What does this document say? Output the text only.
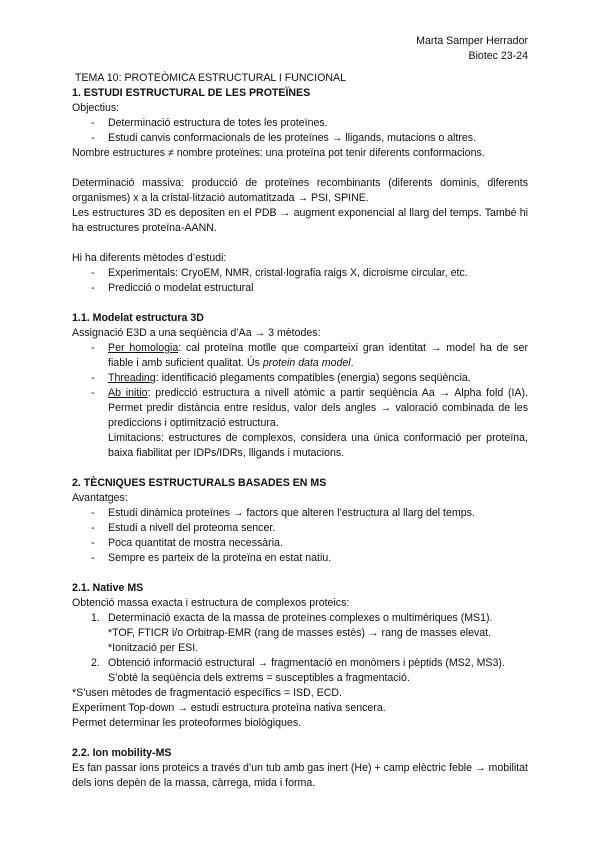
Marta Samper Herrador
Biotec 23-24

TEMA 10: PROTEÒMICA ESTRUCTURAL I FUNCIONAL

1. ESTUDI ESTRUCTURAL DE LES PROTEÏNES

Objectius:

- Determinació estructura de totes les proteïnes.
- Estudi canvis conformacionals de les proteïnes → lligands, mutacions o altres.

Nombre estructures ≠ nombre proteïnes: una proteïna pot tenir diferents conformacions.

Determinació massiva: producció de proteïnes recombinants (diferents dominis, diferents organismes) x a la cristal·lització automatitzada → PSI, SPINE.

Les estructures 3D es depositen en el PDB → augment exponencial al llarg del temps. També hi ha estructures proteïna-AANN.

Hi ha diferents mètodes d’estudi:

- Experimentals: CryoEM, NMR, cristal·lografia raigs X, dicroisme circular, etc.
- Predicció o modelat estructural

1.1. Modelat estructura 3D

Assignació E3D a una seqüència d’Aa → 3 mètodes:

- Per homologia: cal proteïna motlle que comparteixi gran identitat → model ha de ser fiable i amb suficient qualitat. Ús protein data model.
- Threading: identificació plegaments compatibles (energia) segons seqüència.
- Ab initio: predicció estructura a nivell atòmic a partir seqüència Aa → Alpha fold (IA). Permet predir distància entre residus, valor dels angles → valoració combinada de les prediccions i optimització estructura.
Limitacions: estructures de complexos, considera una única conformació per proteïna, baixa fiabilitat per IDPs/IDRs, lligands i mutacions.

2. TÈCNIQUES ESTRUCTURALS BASADES EN MS

Avantatges:

- Estudi dinàmica proteïnes → factors que alteren l’estructura al llarg del temps.
- Estudi a nivell del proteoma sencer.
- Poca quantitat de mostra necessària.
- Sempre es parteix de la proteïna en estat natiu.

2.1. Native MS

Obtenció massa exacta i estructura de complexos proteics:

1. Determinació exacta de la massa de proteïnes complexes o multimèriques (MS1).
*TOF, FTICR i/o Orbitrap-EMR (rang de masses estès) → rang de masses elevat.
*Ionització per ESI.
2. Obtenció informació estructural → fragmentació en monòmers i pèptids (MS2, MS3).
S’obté la seqüència dels extrems = susceptibles a fragmentació.

*S’usen mètodes de fragmentació específics = ISD, ECD.

Experiment Top-down → estudi estructura proteïna nativa sencera.

Permet determinar les proteoformes biològiques.

2.2. Ion mobility-MS

Es fan passar ions proteics a través d’un tub amb gas inert (He) + camp elèctric feble → mobilitat dels ions depèn de la massa, càrrega, mida i forma.
